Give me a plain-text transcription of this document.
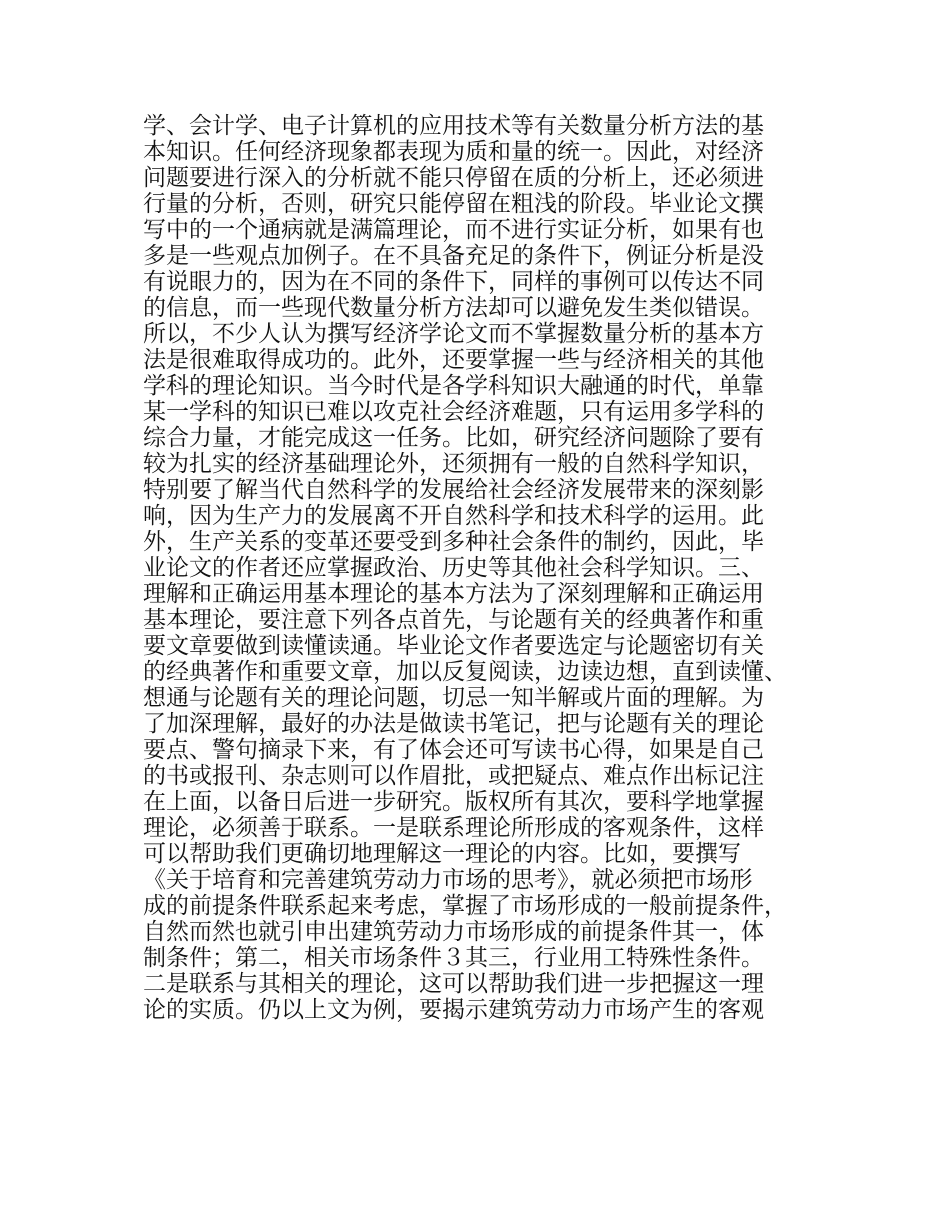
学、会计学、电子计算机的应用技术等有关数量分析方法的基
本知识。任何经济现象都表现为质和量的统一。因此，对经济
问题要进行深入的分析就不能只停留在质的分析上，还必须进
行量的分析，否则，研究只能停留在粗浅的阶段。毕业论文撰
写中的一个通病就是满篇理论，而不进行实证分析，如果有也
多是一些观点加例子。在不具备充足的条件下，例证分析是没
有说眼力的，因为在不同的条件下，同样的事例可以传达不同
的信息，而一些现代数量分析方法却可以避免发生类似错误。
所以，不少人认为撰写经济学论文而不掌握数量分析的基本方
法是很难取得成功的。此外，还要掌握一些与经济相关的其他
学科的理论知识。当今时代是各学科知识大融通的时代，单靠
某一学科的知识已难以攻克社会经济难题，只有运用多学科的
综合力量，才能完成这一任务。比如，研究经济问题除了要有
较为扎实的经济基础理论外，还须拥有一般的自然科学知识，
特别要了解当代自然科学的发展给社会经济发展带来的深刻影
响，因为生产力的发展离不开自然科学和技术科学的运用。此
外，生产关系的变革还要受到多种社会条件的制约，因此，毕
业论文的作者还应掌握政治、历史等其他社会科学知识。三、
理解和正确运用基本理论的基本方法为了深刻理解和正确运用
基本理论，要注意下列各点首先，与论题有关的经典著作和重
要文章要做到读懂读通。毕业论文作者要选定与论题密切有关
的经典著作和重要文章，加以反复阅读，边读边想，直到读懂、
想通与论题有关的理论问题，切忌一知半解或片面的理解。为
了加深理解，最好的办法是做读书笔记，把与论题有关的理论
要点、警句摘录下来，有了体会还可写读书心得，如果是自己
的书或报刊、杂志则可以作眉批，或把疑点、难点作出标记注
在上面，以备日后进一步研究。版权所有其次，要科学地掌握
理论，必须善于联系。一是联系理论所形成的客观条件，这样
可以帮助我们更确切地理解这一理论的内容。比如，要撰写
《关于培育和完善建筑劳动力市场的思考》，就必须把市场形
成的前提条件联系起来考虑，掌握了市场形成的一般前提条件，
自然而然也就引申出建筑劳动力市场形成的前提条件其一，体
制条件；第二，相关市场条件３其三，行业用工特殊性条件。
二是联系与其相关的理论，这可以帮助我们进一步把握这一理
论的实质。仍以上文为例，要揭示建筑劳动力市场产生的客观
